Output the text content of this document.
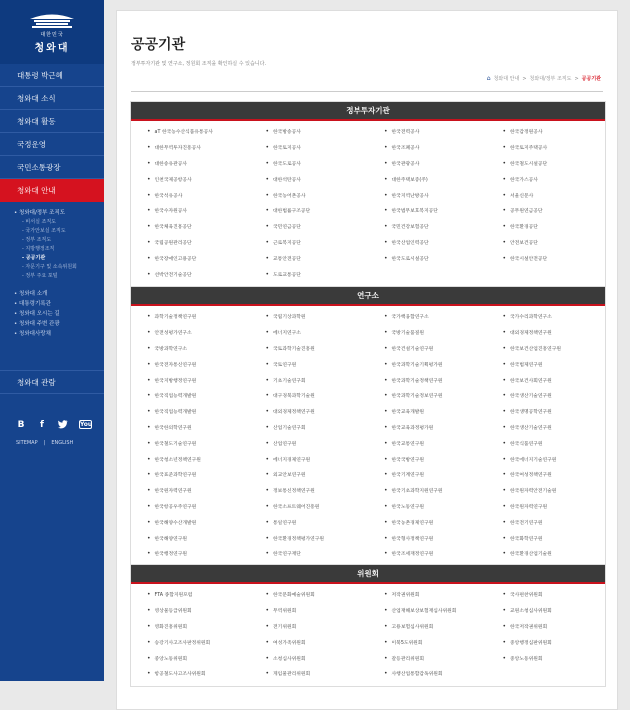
대한민국
청와대
대통령 박근혜
청와대 소식
청와대 활동
국정운영
국민소통광장
청와대 안내
• 청와대/정부 조직도
- 비서실 조직도
- 국가안보실 조직도
- 정부 조직도
- 지방행정조직
- 공공기관
- 자문기구 및 소속위원회
- 정부 주요 포털
• 청와대 소개
• 대통령기록관
• 청와대 오시는 길
• 청와대 주변 관광
• 청와대사랑채
청와대 관람
B	f	You
SITEMAP | ENGLISH
공공기관
정부투자기관 및 연구소, 정원회 조직을 확인하실 수 있습니다.
⌂ 청와대 안내 > 청와대/정부 조직도 > 공공기관
정부투자기관
• aT 한국농수산식품유통공사	• 한국방송공사	• 한국전력공사	• 한국감정원공사
• 대한무역투자진흥공사	• 한국토지공사	• 한국조폐공사	• 한국토지주택공사
• 대한송유관공사	• 한국도로공사	• 한국관광공사	• 한국철도시설공단
• 인천국제공항공사	• 대한석탄공사	• 대한주택보증(주)	• 한국가스공사
• 한국석유공사	• 한국농어촌공사	• 한국지역난방공사	• 서울신문사
• 한국수자원공사	• 대한법률구조공단	• 한국법무보호복지공단	• 공무원연금공단
• 한국체육진흥공단	• 국민연금공단	• 국민건강보험공단	• 한국환경공단
• 국립공원관리공단	• 근로복지공단	• 한국산업인력공단	• 안전보건공단
• 한국장애인고용공단	• 교통안전공단	• 한국도로시설공단	• 한국시설안전공단
• 선박안전기술공단	• 도로교통공단
연구소
• 과학기술정책연구원	• 국립기상과학원	• 국가핵융합연구소	• 국가수리과학연구소
• 안전성평가연구소	• 에너지연구소	• 국방기술품질원	• 대외경제정책연구원
• 국방과학연구소	• 국토과학기술진흥원	• 한국건설기술연구원	• 한국보건산업진흥연구원
• 한국전자통신연구원	• 국토연구원	• 한국과학기술기획평가원	• 한국법제연구원
• 한국지방행정연구원	• 기초기술연구회	• 한국과학기술정책연구원	• 한국보건사회연구원
• 한국직업능력개발원	• 대구경북과학기술원	• 한국과학기술정보연구원	• 한국생산기술연구원
• 한국직업능력개발원	• 대외경제정책연구원	• 한국교육개발원	• 한국생명공학연구원
• 한국한의학연구원	• 산업기술연구회	• 한국교육과정평가원	• 한국생산기술연구원
• 한국철도기술연구원	• 산업연구원	• 한국교통연구원	• 한국식품연구원
• 한국청소년정책연구원	• 에너지경제연구원	• 한국국방연구원	• 한국에너지기술연구원
• 한국표준과학연구원	• 외교안보연구원	• 한국기계연구원	• 한국여성정책연구원
• 한국원자력연구원	• 정보통신정책연구원	• 한국기초과학지원연구원	• 한국원자력안전기술원
• 한국항공우주연구원	• 한국소프트웨어진흥원	• 한국노동연구원	• 한국원자력연구원
• 한국해양수산개발원	• 통일연구원	• 한국농촌경제연구원	• 한국전기연구원
• 한국해양연구원	• 한국환경정책평가연구원	• 한국형사정책연구원	• 한국화학연구원
• 한국행정연구원	• 한국연구재단	• 한국조세재정연구원	• 한국환경산업기술원
위원회
• FTA 종합지원포럼	• 한국문화예술위원회	• 저작권위원회	• 국사편찬위원회
• 영상물등급위원회	• 무역위원회	• 산업재해보상보험재심사위원회	• 교원소청심사위원회
• 영화진흥위원회	• 전기위원회	• 고용보험심사위원회	• 한국저작권위원회
• 승강기사고조사판정위원회	• 여성가족위원회	• 이북5도위원회	• 중앙행정심판위원회
• 중앙노동위원회	• 소청심사위원회	• 갈등관리위원회	• 중앙노동위원회
• 항공철도사고조사위원회	• 게임물관리위원회	• 사행산업통합감독위원회
